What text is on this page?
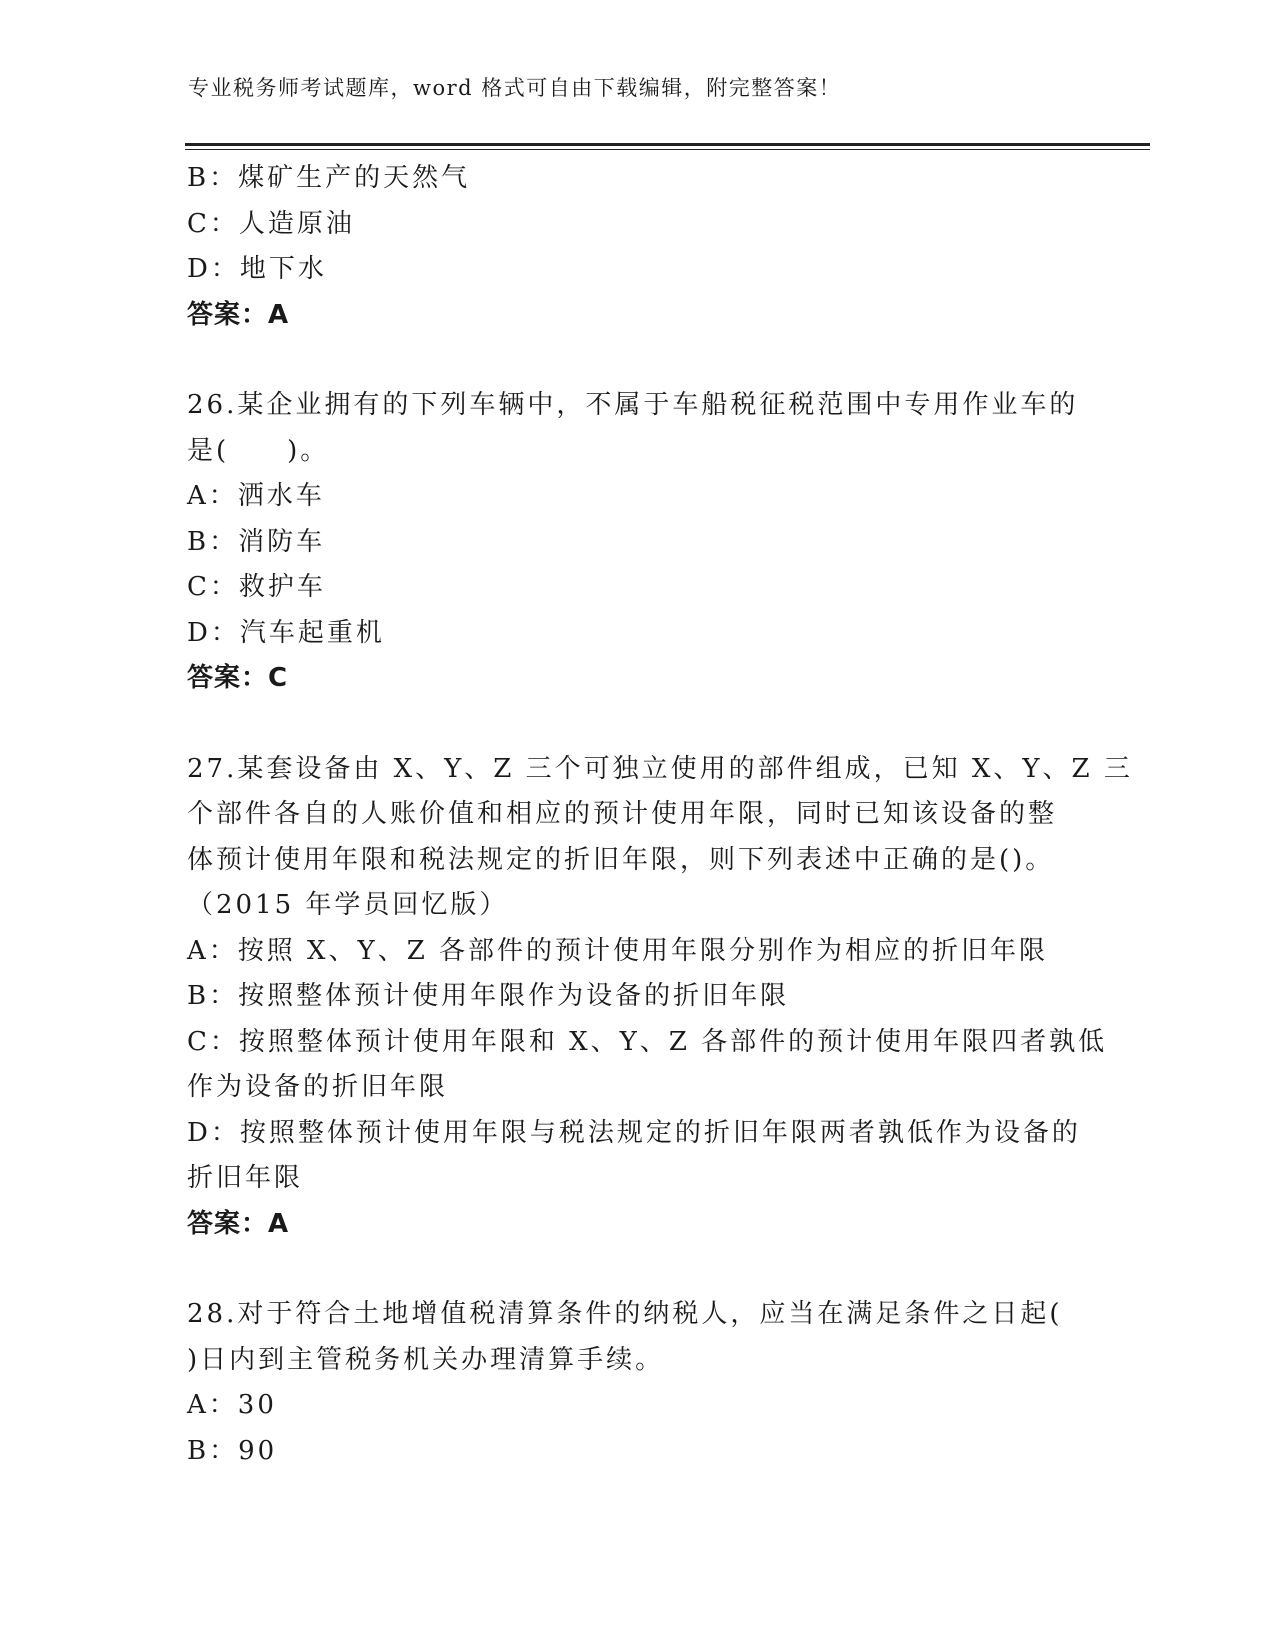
专业税务师考试题库，word 格式可自由下载编辑，附完整答案！
B：煤矿生产的天然气
C：人造原油
D：地下水
答案：A
26.某企业拥有的下列车辆中，不属于车船税征税范围中专用作业车的
是(　　)。
A：洒水车
B：消防车
C：救护车
D：汽车起重机
答案：C
27.某套设备由 X、Y、Z 三个可独立使用的部件组成，已知 X、Y、Z 三
个部件各自的人账价值和相应的预计使用年限，同时已知该设备的整
体预计使用年限和税法规定的折旧年限，则下列表述中正确的是()。
（2015 年学员回忆版）
A：按照 X、Y、Z 各部件的预计使用年限分别作为相应的折旧年限
B：按照整体预计使用年限作为设备的折旧年限
C：按照整体预计使用年限和 X、Y、Z 各部件的预计使用年限四者孰低
作为设备的折旧年限
D：按照整体预计使用年限与税法规定的折旧年限两者孰低作为设备的
折旧年限
答案：A
28.对于符合土地增值税清算条件的纳税人，应当在满足条件之日起(
)日内到主管税务机关办理清算手续。
A：30
B：90
